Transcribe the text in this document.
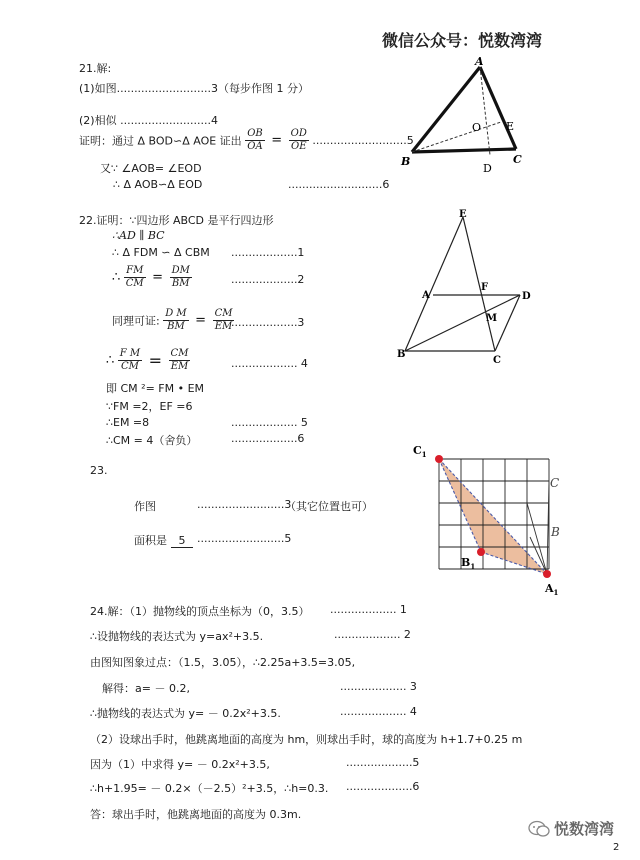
微信公众号：悦数湾湾
21.解:
(1)如图...........................3（每步作图 1 分）
(2)相似 ..........................4
证明：通过 Δ BOD∽Δ AOE 证出 $\frac{OB}{OA} = \frac{OD}{OE} ...........................5$
又∵ ∠AOB= ∠EOD
∴ Δ AOB∽Δ EOD	...........................6
A
O E
B
D
C
22.证明：∵四边形 ABCD 是平行四边形
∴AD ∥ BC
∴ Δ FDM ∽ Δ CBM ...................1
∴ $\frac{FM}{CM} = \frac{DM}{BM}$	...................2
同理可证: $\frac{\text{D M}}{BM} = \frac{CM}{EM}$
...................3
∴ $\frac{\text{F M}}{CM} = \frac{CM}{EM}$	................... 4
即 CM ²= FM • EM
∵FM =2，EF =6
∴EM =8	................... 5
∴CM = 4（舍负）	...................6
E
A
F
D
M
B
C
23.
作图	.........................3
（其它位置也可）
面积是 5	.........................5
$C_1$
C
B
$B_1$
$A_1$
24.解：（1）抛物线的顶点坐标为（0，3.5） ................... 1
∴设抛物线的表达式为 y=ax²+3.5.	................... 2
由图知图象过点：（1.5，3.05），∴2.25a+3.5=3.05,
解得：a= － 0.2,	................... 3
∴抛物线的表达式为 y= － 0.2x²+3.5.	................... 4
（2）设球出手时，他跳离地面的高度为 hm，则球出手时，球的高度为 h+1.7+0.25 m
因为（1）中求得 y= － 0.2x²+3.5,	...................5
∴h+1.95= － 0.2×（－2.5）²+3.5，∴h=0.3. ...................6
答：球出手时，他跳离地面的高度为 0.3m.
悦数湾湾
2
